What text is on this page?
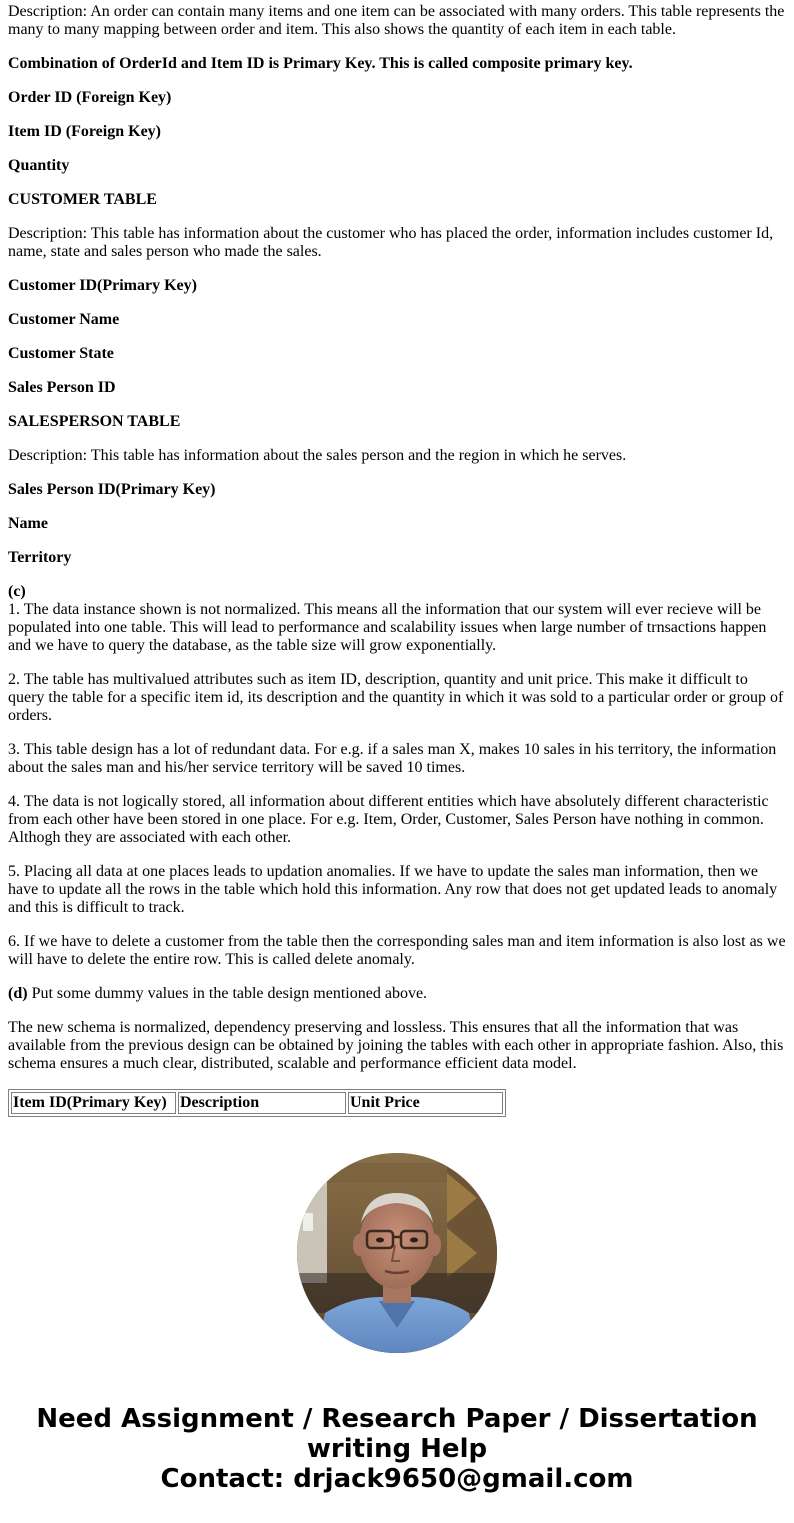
Description: An order can contain many items and one item can be associated with many orders. This table represents the many to many mapping between order and item. This also shows the quantity of each item in each table.

Combination of OrderId and Item ID is Primary Key. This is called composite primary key.

Order ID (Foreign Key)

Item ID (Foreign Key)

Quantity

CUSTOMER TABLE

Description: This table has information about the customer who has placed the order, information includes customer Id, name, state and sales person who made the sales.

Customer ID(Primary Key)

Customer Name

Customer State

Sales Person ID

SALESPERSON TABLE

Description: This table has information about the sales person and the region in which he serves.

Sales Person ID(Primary Key)

Name

Territory

(c)
1. The data instance shown is not normalized. This means all the information that our system will ever recieve will be populated into one table. This will lead to performance and scalability issues when large number of trnsactions happen and we have to query the database, as the table size will grow exponentially.

2. The table has multivalued attributes such as item ID, description, quantity and unit price. This make it difficult to query the table for a specific item id, its description and the quantity in which it was sold to a particular order or group of orders.

3. This table design has a lot of redundant data. For e.g. if a sales man X, makes 10 sales in his territory, the information about the sales man and his/her service territory will be saved 10 times.

4. The data is not logically stored, all information about different entities which have absolutely different characteristic from each other have been stored in one place. For e.g. Item, Order, Customer, Sales Person have nothing in common. Althogh they are associated with each other.

5. Placing all data at one places leads to updation anomalies. If we have to update the sales man information, then we have to update all the rows in the table which hold this information. Any row that does not get updated leads to anomaly and this is difficult to track.

6. If we have to delete a customer from the table then the corresponding sales man and item information is also lost as we will have to delete the entire row. This is called delete anomaly.

(d) Put some dummy values in the table design mentioned above.

The new schema is normalized, dependency preserving and lossless. This ensures that all the information that was available from the previous design can be obtained by joining the tables with each other in appropriate fashion. Also, this schema ensures a much clear, distributed, scalable and performance efficient data model.

Item ID(Primary Key)	Description	Unit Price
Need Assignment / Research Paper / Dissertation
writing Help
Contact: drjack9650@gmail.com
